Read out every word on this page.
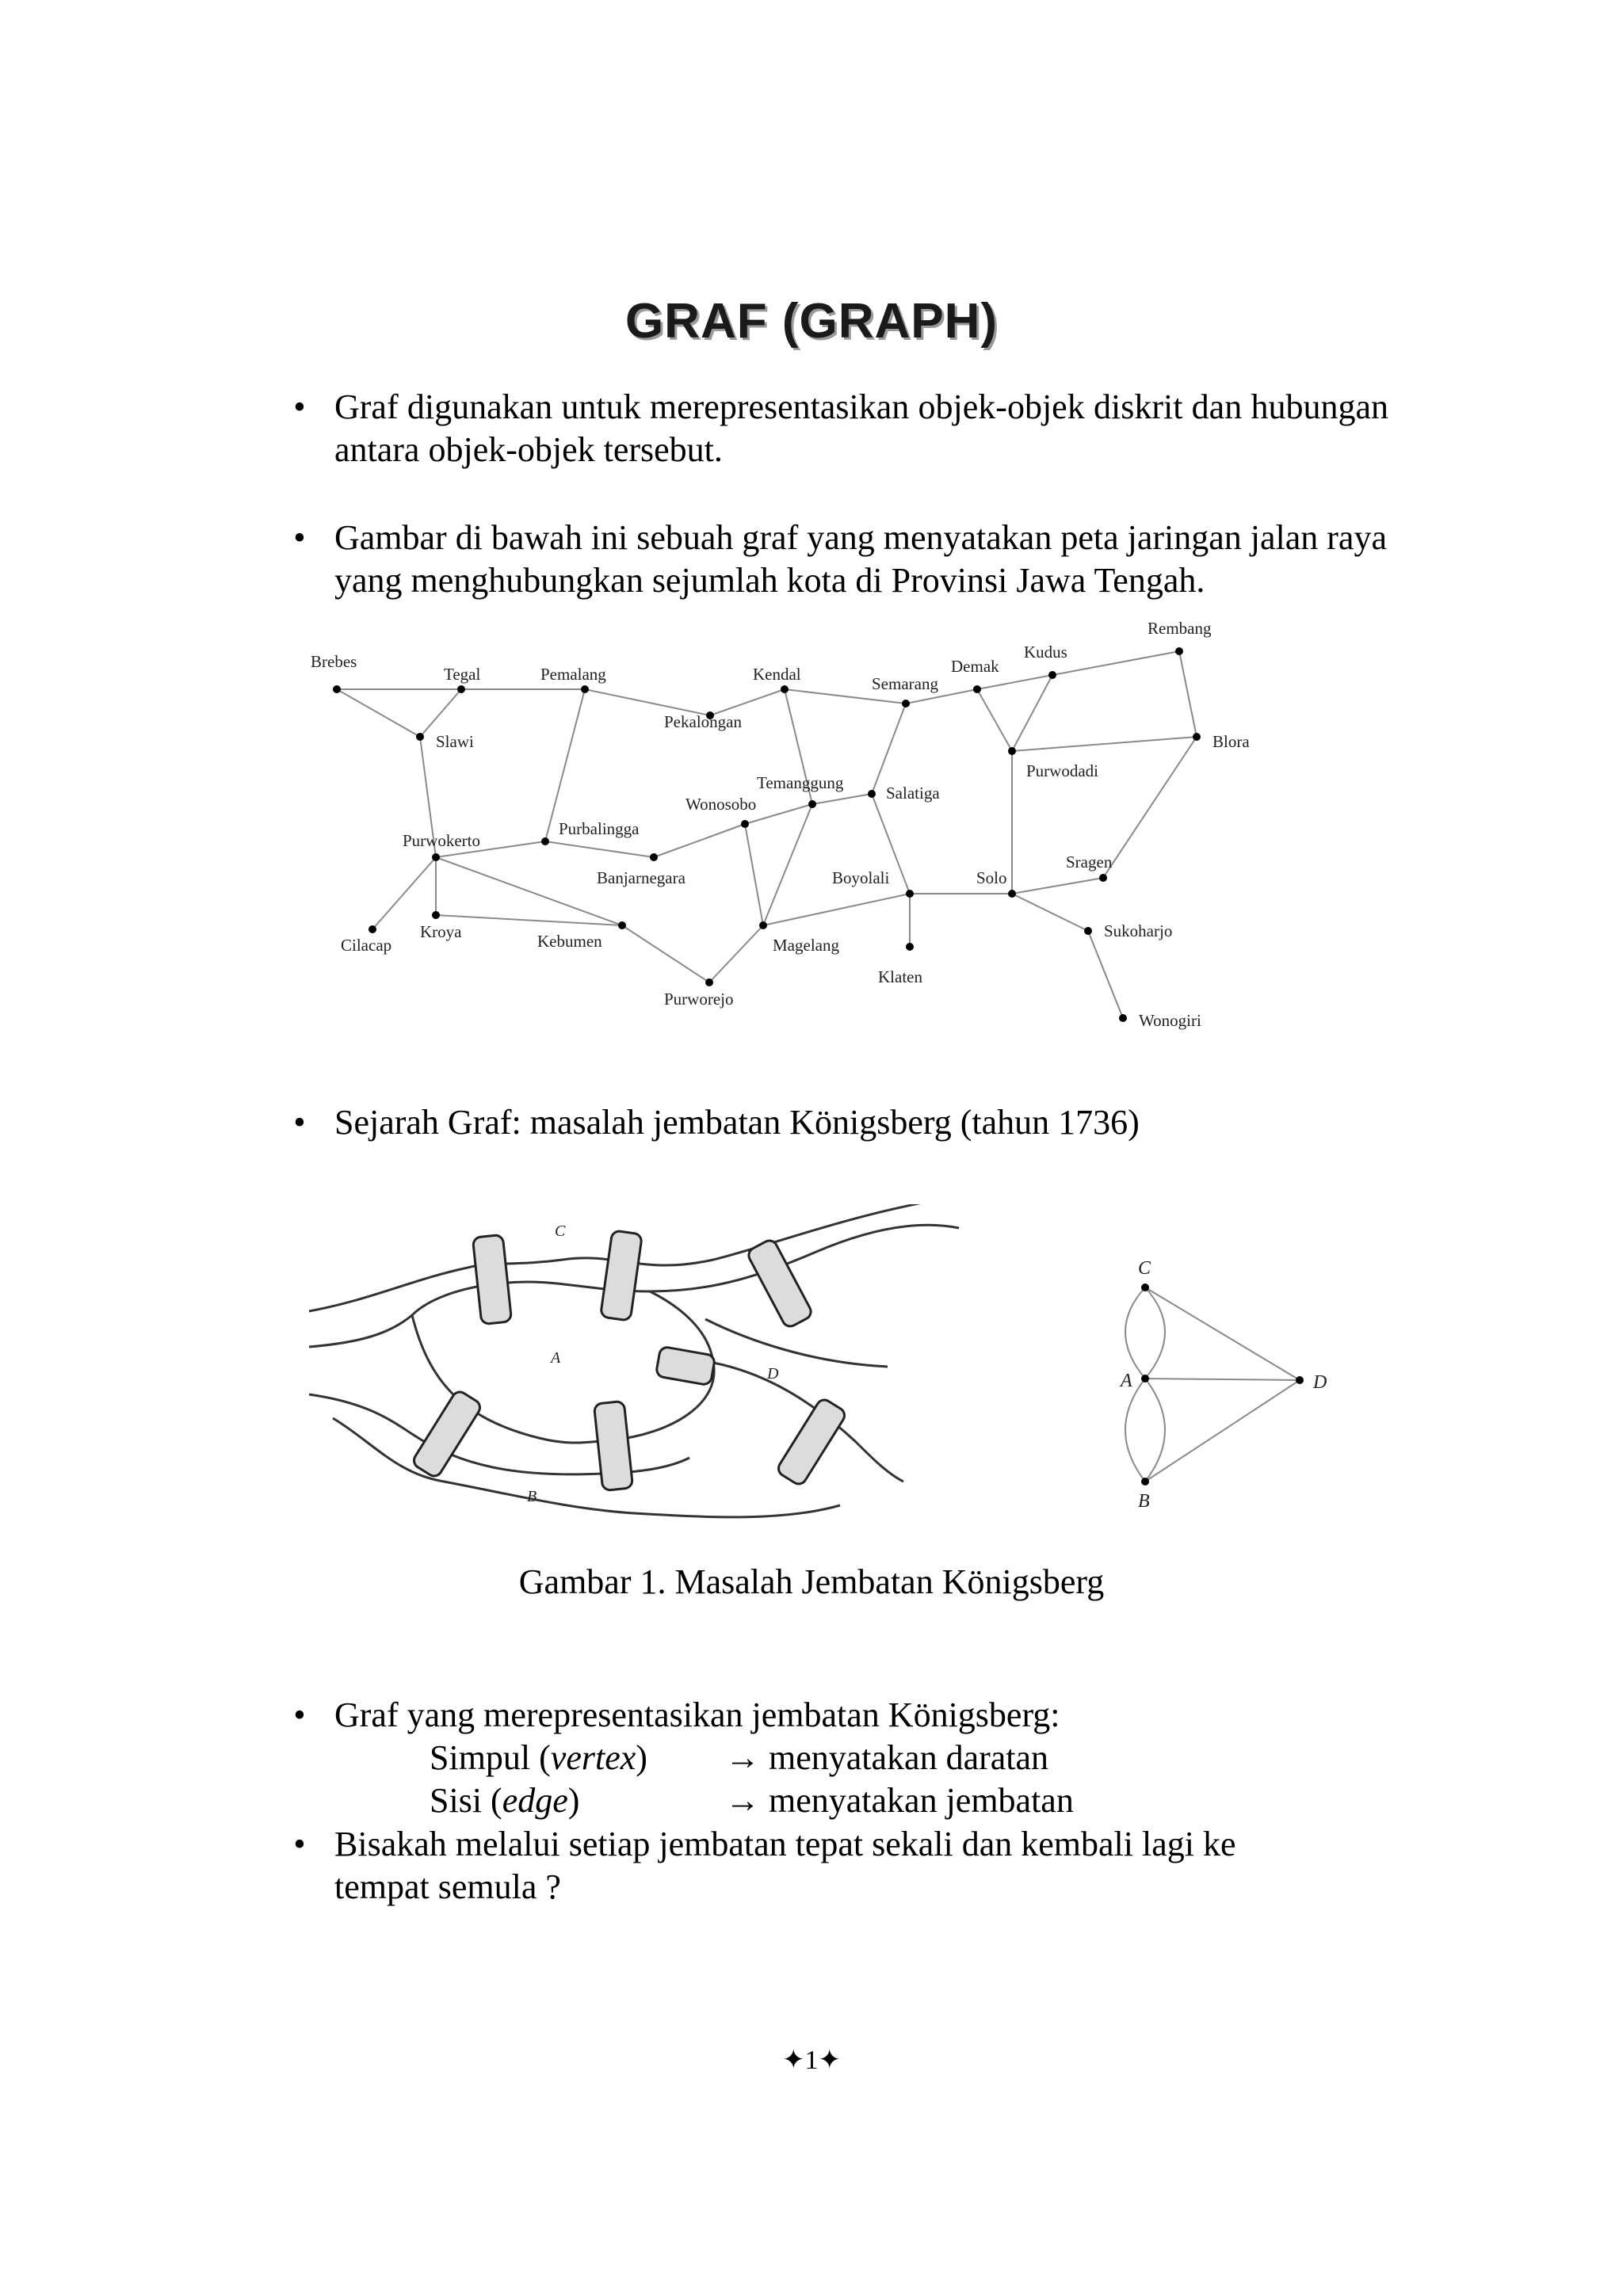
GRAF (GRAPH)
• Graf digunakan untuk merepresentasikan objek-objek diskrit dan hubungan antara objek-objek tersebut.
• Gambar di bawah ini sebuah graf yang menyatakan peta jaringan jalan raya yang menghubungkan sejumlah kota di Provinsi Jawa Tengah.
Brebes
Tegal	Pemalang	Kendal	Demak
Kudus
Rembang
Semarang
Pekalongan
Slawi	Blora
Temanggung
Salatiga
Purwodadi
Wonosobo
Purbalingga
Purwokerto
Sragen
Banjarnegara	Boyolali	Solo
Kroya	Sukoharjo
Cilacap	Kebumen	Magelang
Klaten
Purworejo
Wonogiri
• Sejarah Graf: masalah jembatan Königsberg (tahun 1736)
C
A
D
B
C
A	D
B
Gambar 1. Masalah Jembatan Königsberg
• Graf yang merepresentasikan jembatan Königsberg:
Simpul (vertex) → menyatakan daratan
Sisi (edge)	→ menyatakan jembatan
• Bisakah melalui setiap jembatan tepat sekali dan kembali lagi ke tempat semula ?
✦1✦
